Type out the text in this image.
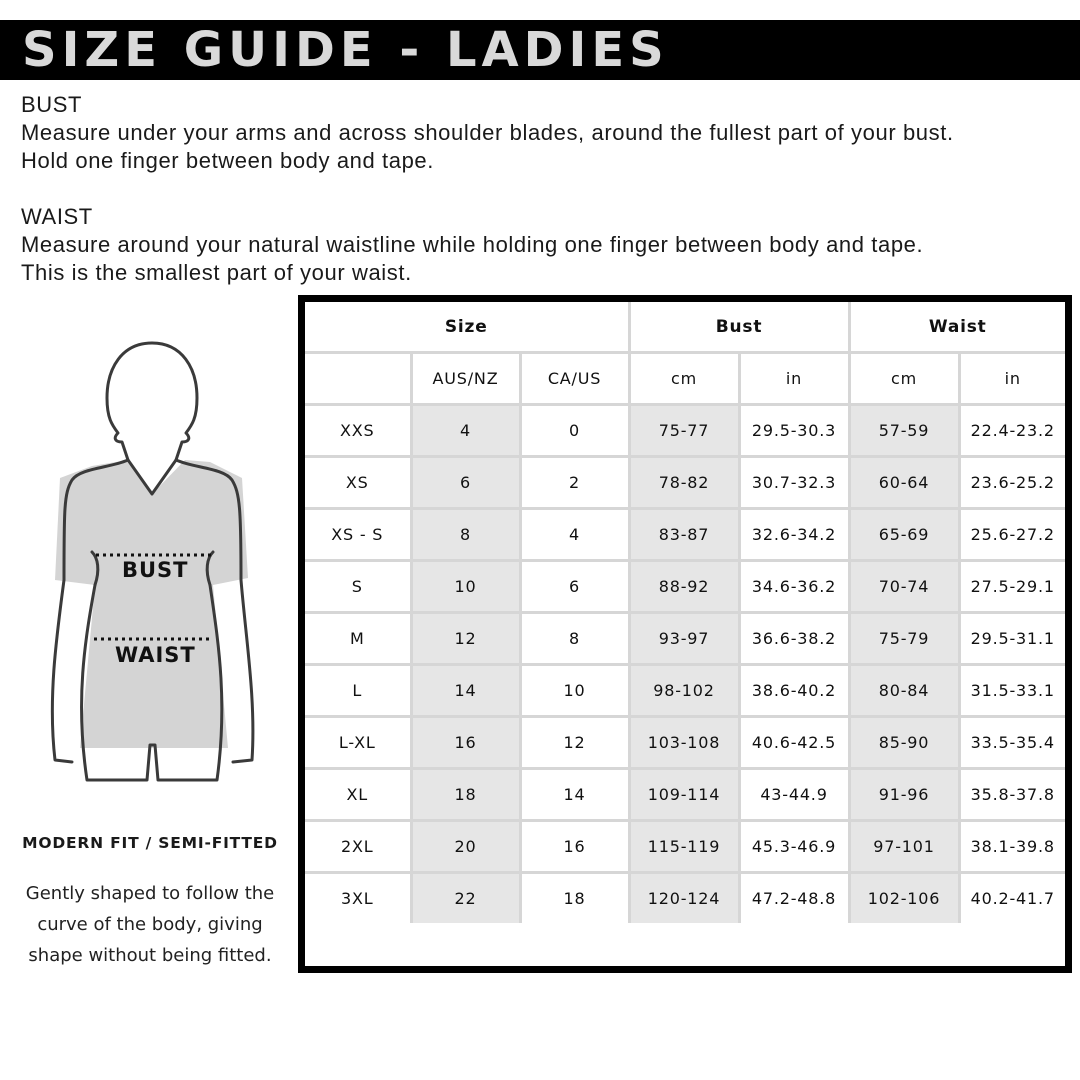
SIZE GUIDE - LADIES
BUST
Measure under your arms and across shoulder blades, around the fullest part of your bust.
Hold one finger between body and tape.
WAIST
Measure around your natural waistline while holding one finger between body and tape.
This is the smallest part of your waist.
BUST
WAIST
MODERN FIT / SEMI-FITTED
Gently shaped to follow the
curve of the body, giving
shape without being fitted.
Size			Bust		Waist	
	AUS/NZ	CA/US	cm	in	cm	in
XXS	4	0	75-77	29.5-30.3	57-59	22.4-23.2
XS	6	2	78-82	30.7-32.3	60-64	23.6-25.2
XS - S	8	4	83-87	32.6-34.2	65-69	25.6-27.2
S	10	6	88-92	34.6-36.2	70-74	27.5-29.1
M	12	8	93-97	36.6-38.2	75-79	29.5-31.1
L	14	10	98-102	38.6-40.2	80-84	31.5-33.1
L-XL	16	12	103-108	40.6-42.5	85-90	33.5-35.4
XL	18	14	109-114	43-44.9	91-96	35.8-37.8
2XL	20	16	115-119	45.3-46.9	97-101	38.1-39.8
3XL	22	18	120-124	47.2-48.8	102-106	40.2-41.7
